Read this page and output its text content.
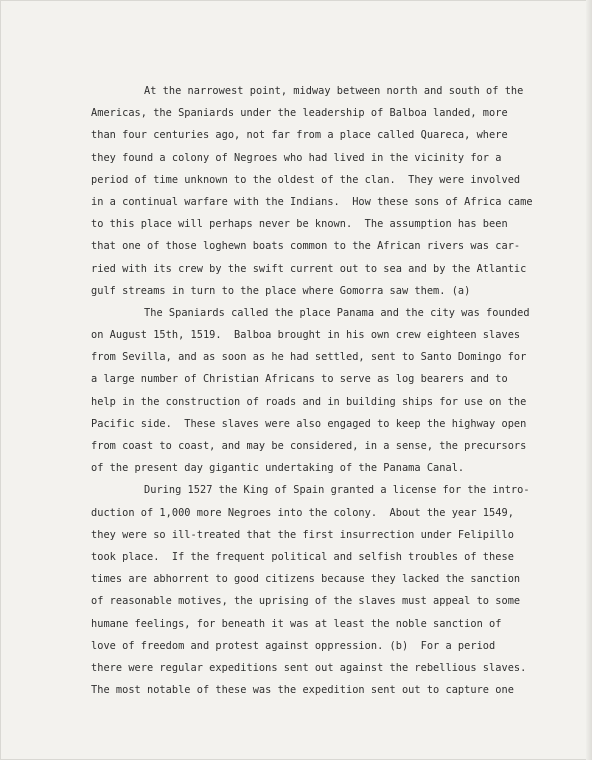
At the narrowest point, midway between north and south of the
Americas, the Spaniards under the leadership of Balboa landed, more
than four centuries ago, not far from a place called Quareca, where
they found a colony of Negroes who had lived in the vicinity for a
period of time unknown to the oldest of the clan.  They were involved
in a continual warfare with the Indians.  How these sons of Africa came
to this place will perhaps never be known.  The assumption has been
that one of those loghewn boats common to the African rivers was car-
ried with its crew by the swift current out to sea and by the Atlantic
gulf streams in turn to the place where Gomorra saw them. (a)
The Spaniards called the place Panama and the city was founded
on August 15th, 1519.  Balboa brought in his own crew eighteen slaves
from Sevilla, and as soon as he had settled, sent to Santo Domingo for
a large number of Christian Africans to serve as log bearers and to
help in the construction of roads and in building ships for use on the
Pacific side.  These slaves were also engaged to keep the highway open
from coast to coast, and may be considered, in a sense, the precursors
of the present day gigantic undertaking of the Panama Canal.
During 1527 the King of Spain granted a license for the intro-
duction of 1,000 more Negroes into the colony.  About the year 1549,
they were so ill-treated that the first insurrection under Felipillo
took place.  If the frequent political and selfish troubles of these
times are abhorrent to good citizens because they lacked the sanction
of reasonable motives, the uprising of the slaves must appeal to some
humane feelings, for beneath it was at least the noble sanction of
love of freedom and protest against oppression. (b)  For a period
there were regular expeditions sent out against the rebellious slaves.
The most notable of these was the expedition sent out to capture one
